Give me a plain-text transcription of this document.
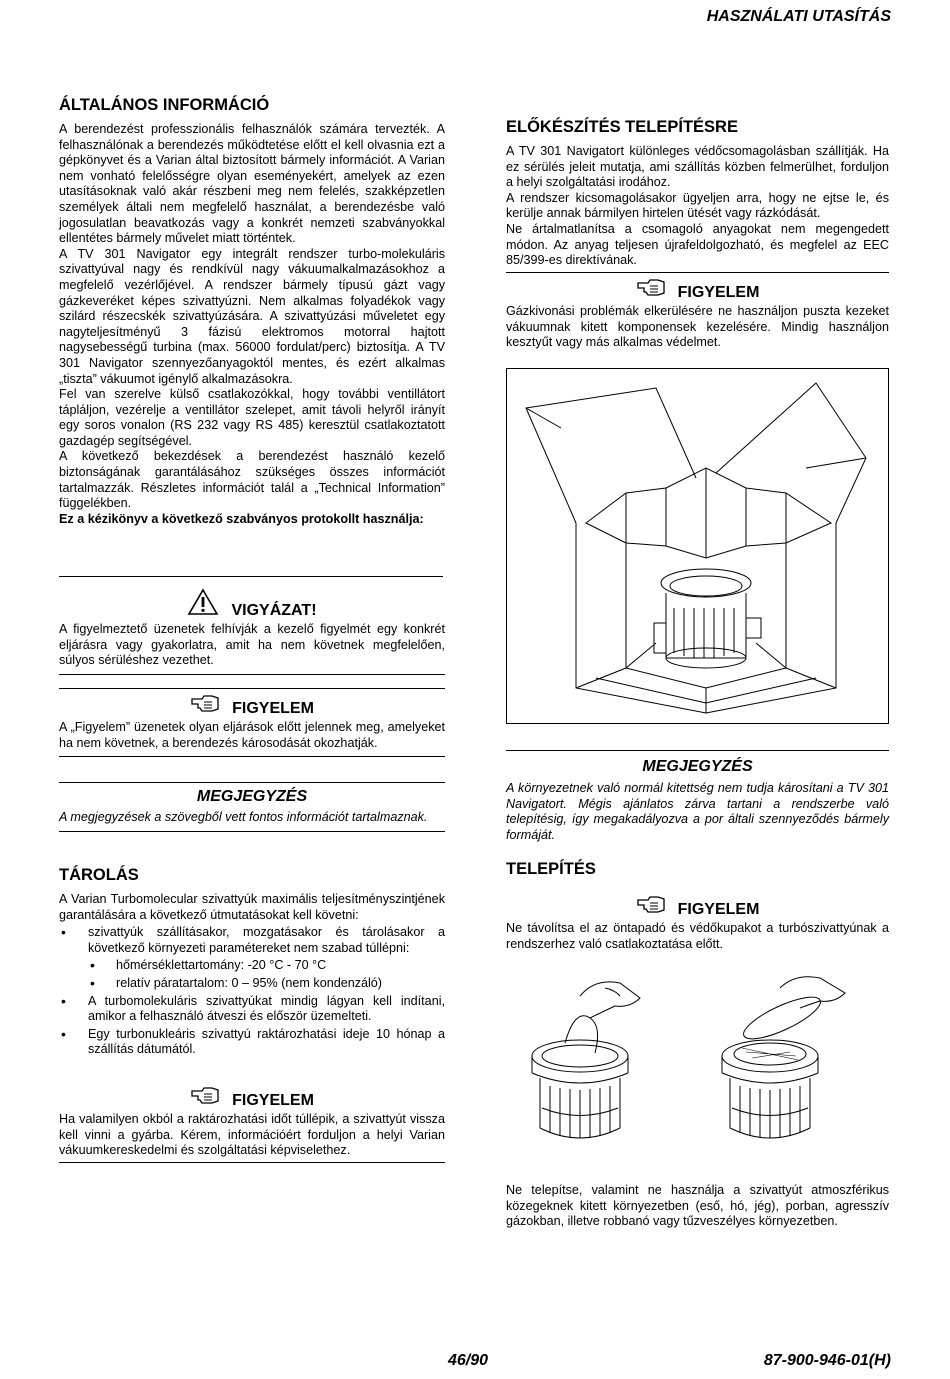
HASZNÁLATI UTASÍTÁS
ÁLTALÁNOS INFORMÁCIÓ

A berendezést professzionális felhasználók számára tervezték. A felhasználónak a berendezés működtetése előtt el kell olvasnia ezt a gépkönyvet és a Varian által biztosított bármely információt. A Varian nem vonható felelősségre olyan eseményekért, amelyek az ezen utasításoknak való akár részbeni meg nem felelés, szakképzetlen személyek általi nem megfelelő használat, a berendezésbe való jogosulatlan beavatkozás vagy a konkrét nemzeti szabványokkal ellentétes bármely művelet miatt történtek.

A TV 301 Navigator egy integrált rendszer turbo-molekuláris szivattyúval nagy és rendkívül nagy vákuumalkalmazásokhoz a megfelelő vezérlőjével. A rendszer bármely típusú gázt vagy gázkeveréket képes szivattyúzni. Nem alkalmas folyadékok vagy szilárd részecskék szivattyúzására. A szivattyúzási műveletet egy nagyteljesítményű 3 fázisú elektromos motorral hajtott nagysebességű turbina (max. 56000 fordulat/perc) biztosítja. A TV 301 Navigator szennyezőanyagoktól mentes, és ezért alkalmas „tiszta” vákuumot igénylő alkalmazásokra.

Fel van szerelve külső csatlakozókkal, hogy további ventillátort tápláljon, vezérelje a ventillátor szelepet, amit távoli helyről irányít egy soros vonalon (RS 232 vagy RS 485) keresztül csatlakoztatott gazdagép segítségével.

A következő bekezdések a berendezést használó kezelő biztonságának garantálásához szükséges összes információt tartalmazzák. Részletes információt talál a „Technical Information” függelékben.

Ez a kézikönyv a következő szabványos protokollt használja:

VIGYÁZAT!

A figyelmeztető üzenetek felhívják a kezelő figyelmét egy konkrét eljárásra vagy gyakorlatra, amit ha nem követnek megfelelően, súlyos sérüléshez vezethet.

FIGYELEM

A „Figyelem” üzenetek olyan eljárások előtt jelennek meg, amelyeket ha nem követnek, a berendezés károsodását okozhatják.

MEGJEGYZÉS

A megjegyzések a szövegből vett fontos információt tartalmaznak.

TÁROLÁS

A Varian Turbomolecular szivattyúk maximális teljesítményszintjének garantálására a következő útmutatásokat kell követni:

• szivattyúk szállításakor, mozgatásakor és tárolásakor a következő környezeti paramétereket nem szabad túllépni:
• hőmérséklettartomány: -20 °C - 70 °C
• relatív páratartalom: 0 – 95% (nem kondenzáló)
• A turbomolekuláris szivattyúkat mindig lágyan kell indítani, amikor a felhasználó átveszi és először üzemelteti.
• Egy turbonukleáris szivattyú raktározhatási ideje 10 hónap a szállítás dátumától.
FIGYELEM

Ha valamilyen okból a raktározhatási időt túllépik, a szivattyút vissza kell vinni a gyárba. Kérem, információért forduljon a helyi Varian vákuumkereskedelmi és szolgáltatási képviselethez.

ELŐKÉSZÍTÉS TELEPÍTÉSRE

A TV 301 Navigatort különleges védőcsomagolásban szállítják. Ha ez sérülés jeleit mutatja, ami szállítás közben felmerülhet, forduljon a helyi szolgáltatási irodához.

A rendszer kicsomagolásakor ügyeljen arra, hogy ne ejtse le, és kerülje annak bármilyen hirtelen ütését vagy rázkódását.

Ne ártalmatlanítsa a csomagoló anyagokat nem megengedett módon. Az anyag teljesen újrafeldolgozható, és megfelel az EEC 85/399-es direktívának.

FIGYELEM

Gázkivonási problémák elkerülésére ne használjon puszta kezeket vákuumnak kitett komponensek kezelésére. Mindig használjon kesztyűt vagy más alkalmas védelmet.

MEGJEGYZÉS

A környezetnek való normál kitettség nem tudja károsítani a TV 301 Navigatort. Mégis ajánlatos zárva tartani a rendszerbe való telepítésig, így megakadályozva a por általi szennyeződés bármely formáját.

TELEPÍTÉS
FIGYELEM

Ne távolítsa el az öntapadó és védőkupakot a turbószivattyúnak a rendszerhez való csatlakoztatása előtt.

Ne telepítse, valamint ne használja a szivattyút atmoszférikus közegeknek kitett környezetben (eső, hó, jég), porban, agresszív gázokban, illetve robbanó vagy tűzveszélyes környezetben.

46/90	87-900-946-01(H)
